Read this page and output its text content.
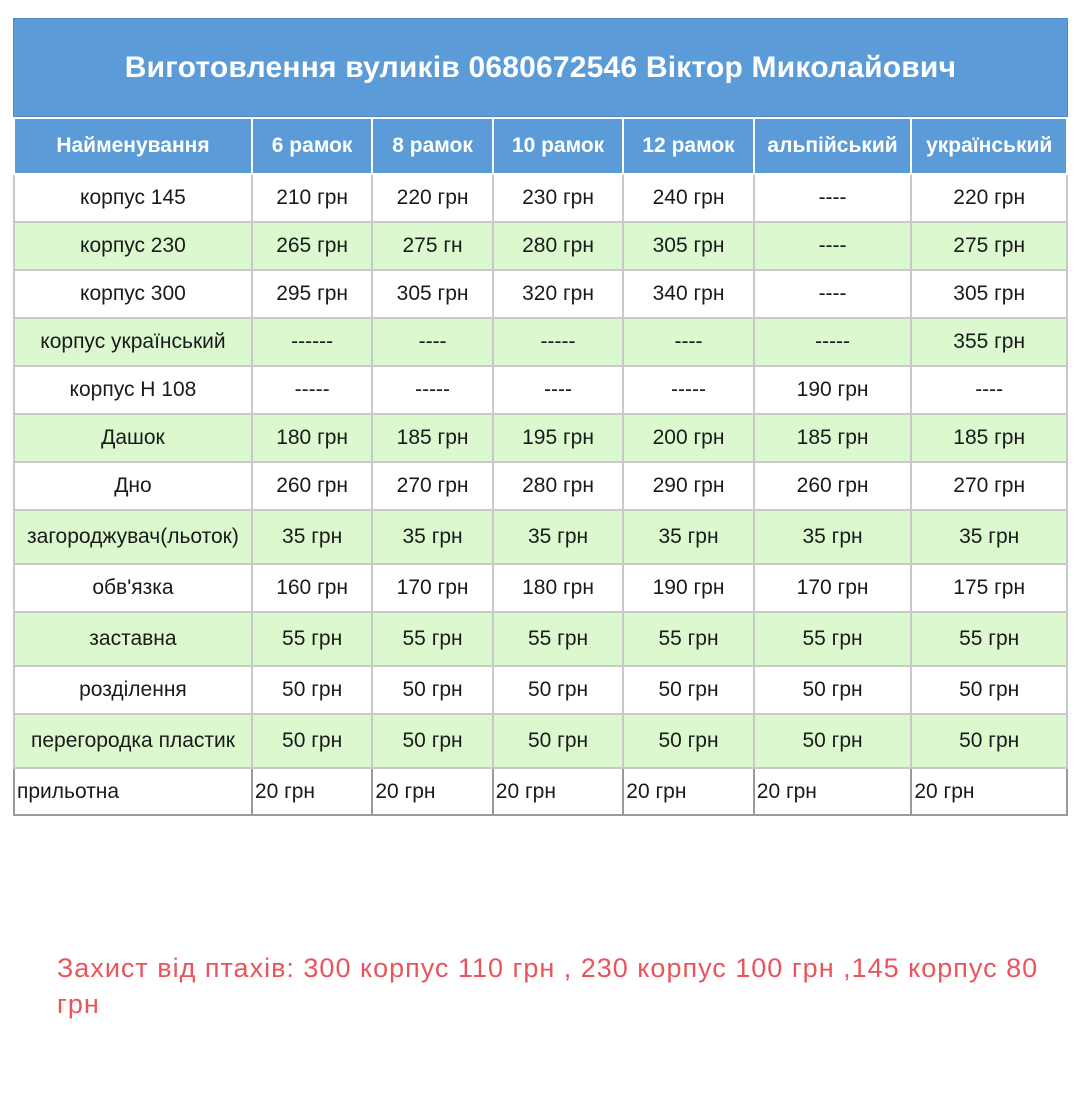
Виготовлення вуликів 0680672546 Віктор Миколайович
Найменування	6 рамок	8 рамок	10 рамок	12 рамок	альпійський	український
корпус 145	210 грн	220 грн	230 грн	240 грн	----	220 грн
корпус 230	265 грн	275 гн	280 грн	305 грн	----	275 грн
корпус 300	295 грн	305 грн	320 грн	340 грн	----	305 грн
корпус український	------	----	-----	----	-----	355 грн
корпус Н 108	-----	-----	----	-----	190 грн	----
Дашок	180 грн	185 грн	195 грн	200 грн	185 грн	185 грн
Дно	260 грн	270 грн	280 грн	290 грн	260 грн	270 грн
загороджувач(льоток)	35 грн	35 грн	35 грн	35 грн	35 грн	35 грн
обв'язка	160 грн	170 грн	180 грн	190 грн	170 грн	175 грн
заставна	55 грн	55 грн	55 грн	55 грн	55 грн	55 грн
розділення	50 грн	50 грн	50 грн	50 грн	50 грн	50 грн
перегородка пластик	50 грн	50 грн	50 грн	50 грн	50 грн	50 грн
прильотна	20 грн	20 грн	20 грн	20 грн	20 грн	20 грн
Захист від птахів: 300 корпус 110 грн , 230 корпус 100 грн ,145 корпус 80 грн
